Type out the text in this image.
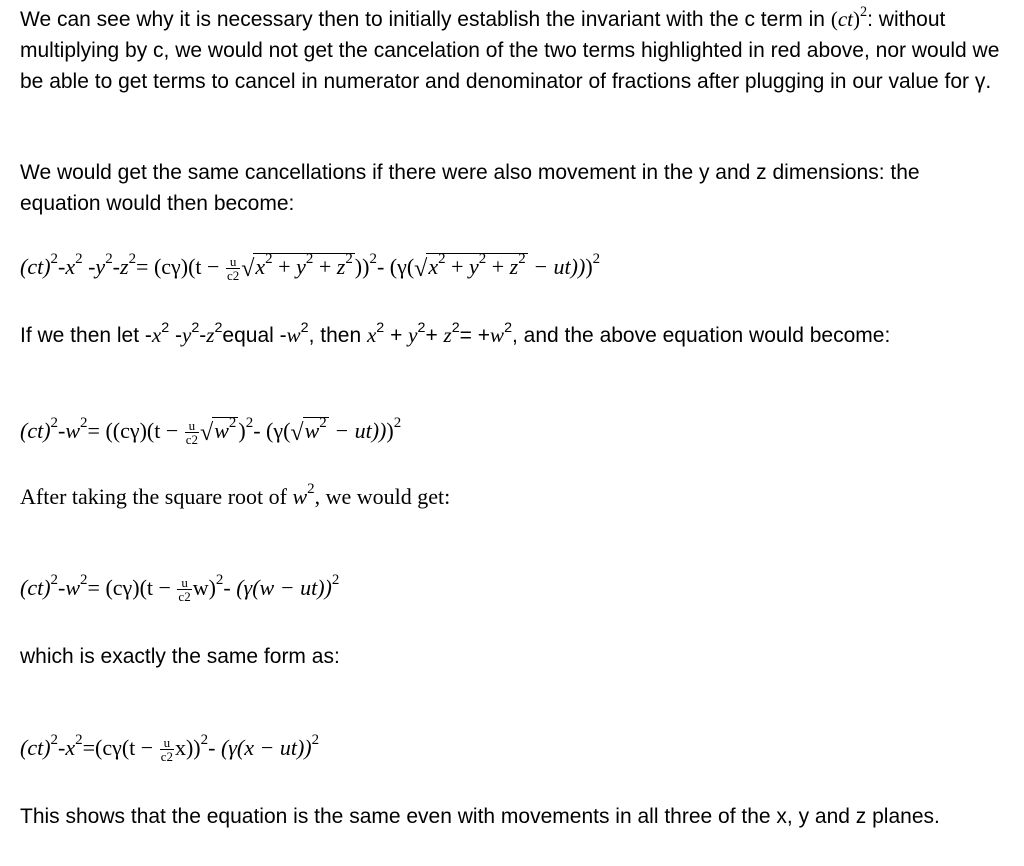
We can see why it is necessary then to initially establish the invariant with the c term in (ct)$^2$: without multiplying by c, we would not get the cancelation of the two terms highlighted in red above, nor would we be able to get terms to cancel in numerator and denominator of fractions after plugging in our value for γ.
We would get the same cancellations if there were also movement in the y and z dimensions: the equation would then become:
$(ct)^2-x^2$ $-y^2-z^2= (c\gamma)(t - \frac{u}{c2} √x^2 + y^2 + z^2))^2-$ $(\gamma(√x^2 + y^2 + z^2 - ut)))^2$
If we then let $-x^2$ $-y^2-z^2equal$ $-w^2$, then $x^2 + y^2+ z^2= +w^2$, and the above equation would become:
$(ct)^2-w^2= ((c\gamma)(t - \frac{u}{c2} √w^2)^2-$ $(\gamma(√w^2 - ut)))^2$
After taking the square root of $w^2$, we would get:
$(ct)^2-w^2= (c\gamma)(t - \frac{u}{c2} w)^2-$ $(\gamma(w - ut))^2$
which is exactly the same form as:
$(ct)^2-x^2=(c\gamma(t - \frac{u}{c2} x))^2-$ $(\gamma(x - ut))^2$
This shows that the equation is the same even with movements in all three of the x, y and z planes.
